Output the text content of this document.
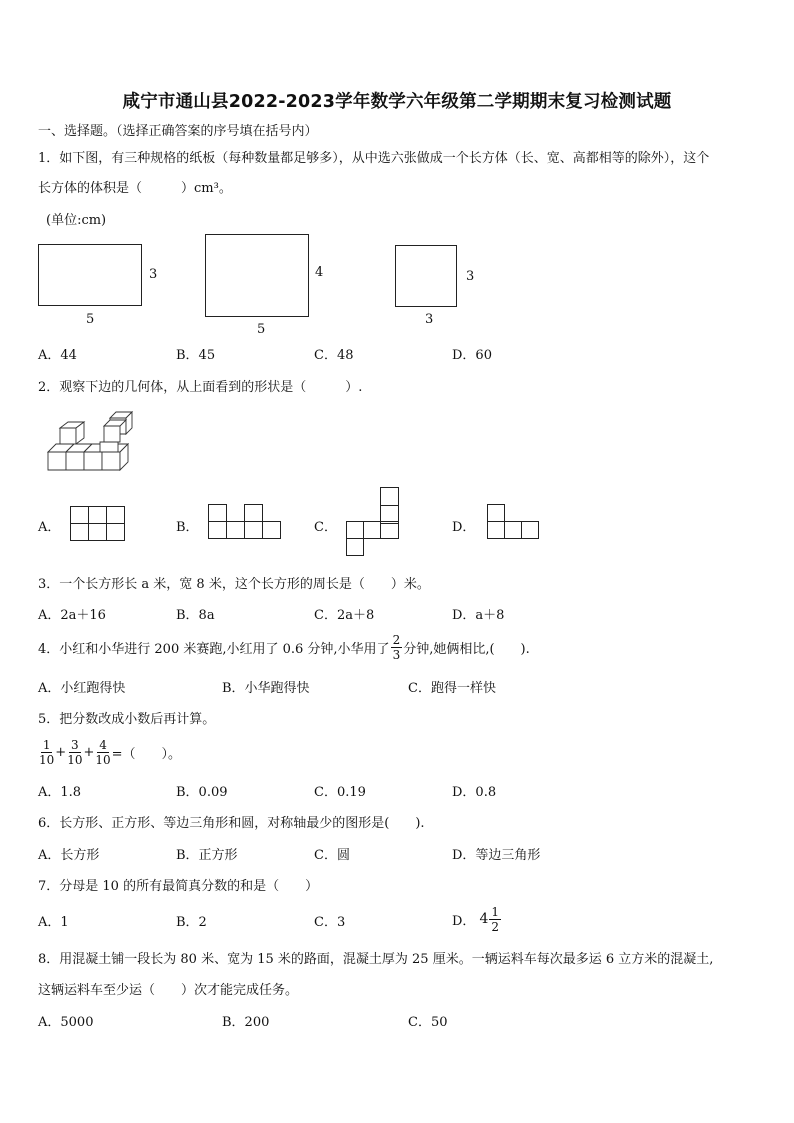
咸宁市通山县2022-2023学年数学六年级第二学期期末复习检测试题
一、选择题。（选择正确答案的序号填在括号内）
1．如下图，有三种规格的纸板（每种数量都足够多），从中选六张做成一个长方体（长、宽、高都相等的除外），这个
长方体的体积是（　　　）cm³。
(单位:cm)
3
5
4
5
3
3
A．44	B．45	C．48	D．60
2．观察下边的几何体，从上面看到的形状是（　　　）.
A．	B．	C．	D．
3．一个长方形长 a 米，宽 8 米，这个长方形的周长是（　　）米。
A．2a＋16	B．8a	C．2a＋8	D．a＋8
4．小红和小华进行 200 米赛跑,小红用了 0.6 分钟,小华用了 $\frac{2}{3}$ 分钟,她俩相比,(　　).
A．小红跑得快	B．小华跑得快	C．跑得一样快
5．把分数改成小数后再计算。
$\frac{1}{10} + \frac{3}{10} + \frac{4}{10}$ =（　　）。
A．1.8	B．0.09	C．0.19	D．0.8
6．长方形、正方形、等边三角形和圆，对称轴最少的图形是(　　).
A．长方形	B．正方形	C．圆	D．等边三角形
7．分母是 10 的所有最简真分数的和是（　　）
A．1	B．2	C．3	D． $4 \frac{1}{2}$
8．用混凝土铺一段长为 80 米、宽为 15 米的路面，混凝土厚为 25 厘米。一辆运料车每次最多运 6 立方米的混凝土,
这辆运料车至少运（　　）次才能完成任务。
A．5000	B．200	C．50
